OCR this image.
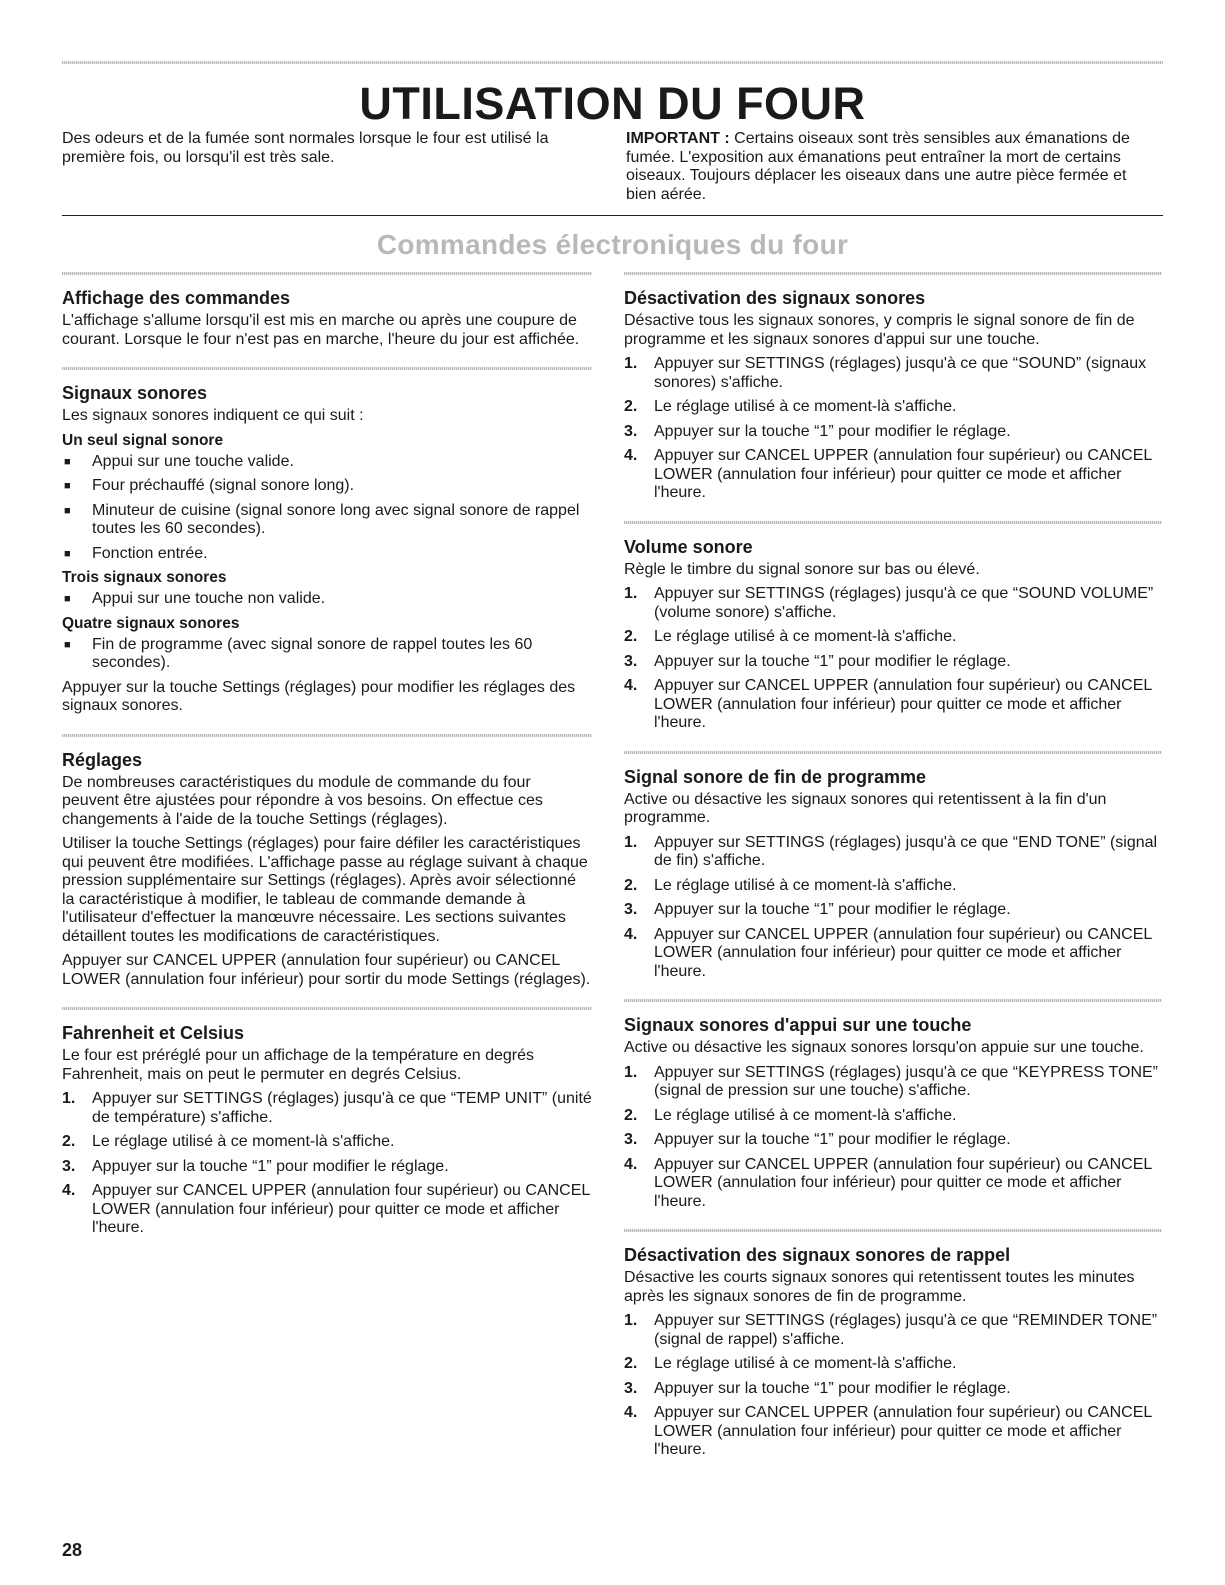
UTILISATION DU FOUR
Des odeurs et de la fumée sont normales lorsque le four est utilisé la première fois, ou lorsqu'il est très sale.
IMPORTANT : Certains oiseaux sont très sensibles aux émanations de fumée. L'exposition aux émanations peut entraîner la mort de certains oiseaux. Toujours déplacer les oiseaux dans une autre pièce fermée et bien aérée.
Commandes électroniques du four
Affichage des commandes

L'affichage s'allume lorsqu'il est mis en marche ou après une coupure de courant. Lorsque le four n'est pas en marche, l'heure du jour est affichée.

Signaux sonores

Les signaux sonores indiquent ce qui suit :

Un seul signal sonore
■ Appui sur une touche valide.
■ Four préchauffé (signal sonore long).
■ Minuteur de cuisine (signal sonore long avec signal sonore de rappel toutes les 60 secondes).
■ Fonction entrée.
Trois signaux sonores
■ Appui sur une touche non valide.
Quatre signaux sonores
■ Fin de programme (avec signal sonore de rappel toutes les 60 secondes).

Appuyer sur la touche Settings (réglages) pour modifier les réglages des signaux sonores.

Réglages

De nombreuses caractéristiques du module de commande du four peuvent être ajustées pour répondre à vos besoins. On effectue ces changements à l'aide de la touche Settings (réglages).

Utiliser la touche Settings (réglages) pour faire défiler les caractéristiques qui peuvent être modifiées. L'affichage passe au réglage suivant à chaque pression supplémentaire sur Settings (réglages). Après avoir sélectionné la caractéristique à modifier, le tableau de commande demande à l'utilisateur d'effectuer la manœuvre nécessaire. Les sections suivantes détaillent toutes les modifications de caractéristiques.

Appuyer sur CANCEL UPPER (annulation four supérieur) ou CANCEL LOWER (annulation four inférieur) pour sortir du mode Settings (réglages).

Fahrenheit et Celsius

Le four est préréglé pour un affichage de la température en degrés Fahrenheit, mais on peut le permuter en degrés Celsius.

1. Appuyer sur SETTINGS (réglages) jusqu'à ce que “TEMP UNIT” (unité de température) s'affiche.
2. Le réglage utilisé à ce moment-là s'affiche.
3. Appuyer sur la touche “1” pour modifier le réglage.
4. Appuyer sur CANCEL UPPER (annulation four supérieur) ou CANCEL LOWER (annulation four inférieur) pour quitter ce mode et afficher l'heure.
Désactivation des signaux sonores

Désactive tous les signaux sonores, y compris le signal sonore de fin de programme et les signaux sonores d'appui sur une touche.

1. Appuyer sur SETTINGS (réglages) jusqu'à ce que “SOUND” (signaux sonores) s'affiche.
2. Le réglage utilisé à ce moment-là s'affiche.
3. Appuyer sur la touche “1” pour modifier le réglage.
4. Appuyer sur CANCEL UPPER (annulation four supérieur) ou CANCEL LOWER (annulation four inférieur) pour quitter ce mode et afficher l'heure.
Volume sonore

Règle le timbre du signal sonore sur bas ou élevé.

1. Appuyer sur SETTINGS (réglages) jusqu'à ce que “SOUND VOLUME” (volume sonore) s'affiche.
2. Le réglage utilisé à ce moment-là s'affiche.
3. Appuyer sur la touche “1” pour modifier le réglage.
4. Appuyer sur CANCEL UPPER (annulation four supérieur) ou CANCEL LOWER (annulation four inférieur) pour quitter ce mode et afficher l'heure.
Signal sonore de fin de programme

Active ou désactive les signaux sonores qui retentissent à la fin d'un programme.

1. Appuyer sur SETTINGS (réglages) jusqu'à ce que “END TONE” (signal de fin) s'affiche.
2. Le réglage utilisé à ce moment-là s'affiche.
3. Appuyer sur la touche “1” pour modifier le réglage.
4. Appuyer sur CANCEL UPPER (annulation four supérieur) ou CANCEL LOWER (annulation four inférieur) pour quitter ce mode et afficher l'heure.
Signaux sonores d'appui sur une touche

Active ou désactive les signaux sonores lorsqu'on appuie sur une touche.

1. Appuyer sur SETTINGS (réglages) jusqu'à ce que “KEYPRESS TONE” (signal de pression sur une touche) s'affiche.
2. Le réglage utilisé à ce moment-là s'affiche.
3. Appuyer sur la touche “1” pour modifier le réglage.
4. Appuyer sur CANCEL UPPER (annulation four supérieur) ou CANCEL LOWER (annulation four inférieur) pour quitter ce mode et afficher l'heure.
Désactivation des signaux sonores de rappel

Désactive les courts signaux sonores qui retentissent toutes les minutes après les signaux sonores de fin de programme.

1. Appuyer sur SETTINGS (réglages) jusqu'à ce que “REMINDER TONE” (signal de rappel) s'affiche.
2. Le réglage utilisé à ce moment-là s'affiche.
3. Appuyer sur la touche “1” pour modifier le réglage.
4. Appuyer sur CANCEL UPPER (annulation four supérieur) ou CANCEL LOWER (annulation four inférieur) pour quitter ce mode et afficher l'heure.
28
